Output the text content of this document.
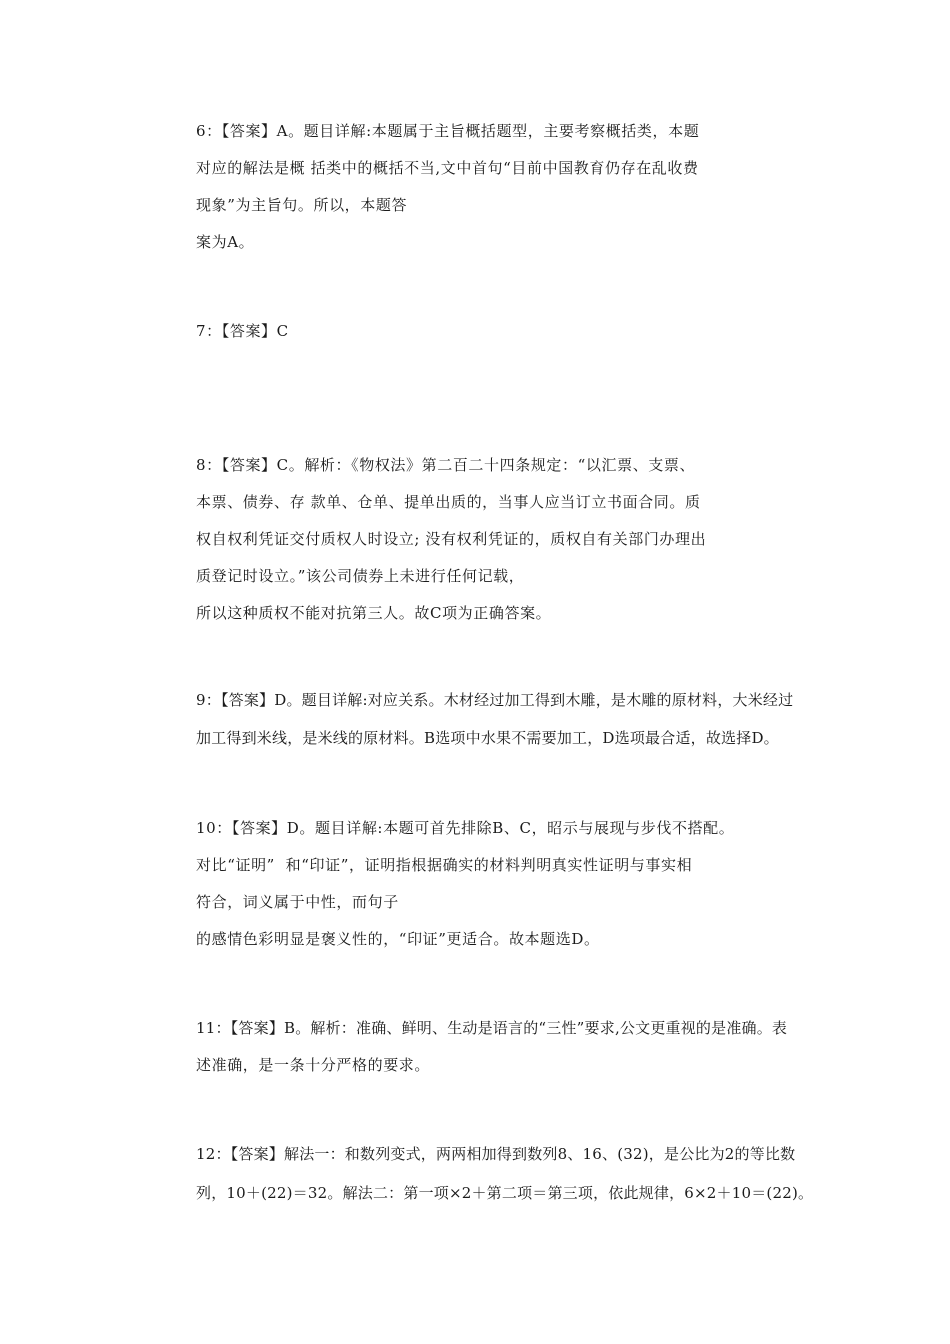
6：【答案】A。题目详解:本题属于主旨概括题型，主要考察概括类，本题
对应的解法是概 括类中的概括不当,文中首句“目前中国教育仍存在乱收费
现象”为主旨句。所以，本题答
案为A。
7：【答案】C
8：【答案】C。解析：《物权法》第二百二十四条规定：“以汇票、支票、
本票、债券、存 款单、仓单、提单出质的，当事人应当订立书面合同。质
权自权利凭证交付质权人时设立; 没有权利凭证的，质权自有关部门办理出
质登记时设立。”该公司债券上未进行任何记载，
所以这种质权不能对抗第三人。故C项为正确答案。
9：【答案】D。题目详解:对应关系。木材经过加工得到木雕，是木雕的原材料，大米经过
加工得到米线，是米线的原材料。B选项中水果不需要加工，D选项最合适，故选择D。
10：【答案】D。题目详解:本题可首先排除B、C，昭示与展现与步伐不搭配。
对比“证明”  和“印证”，证明指根据确实的材料判明真实性证明与事实相
符合，词义属于中性，而句子
的感情色彩明显是褒义性的，“印证”更适合。故本题选D。
11：【答案】B。解析：准确、鲜明、生动是语言的“三性”要求,公文更重视的是准确。表
述准确，是一条十分严格的要求。
12：【答案】解法一：和数列变式，两两相加得到数列8、16、(32)，是公比为2的等比数
列，10＋(22)＝32。解法二：第一项×2＋第二项＝第三项，依此规律，6×2＋10＝(22)。
